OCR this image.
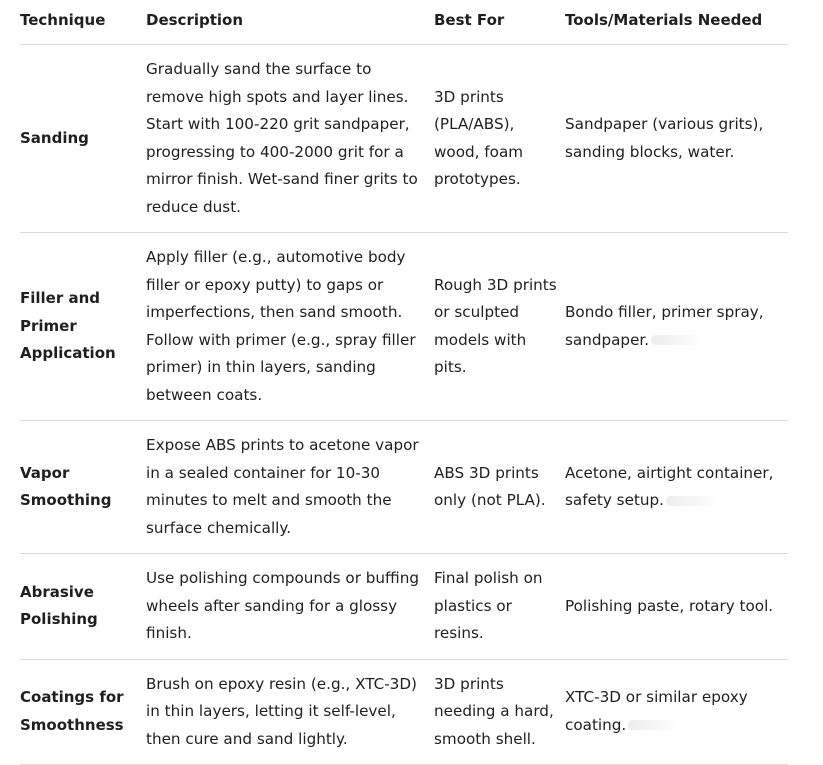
Technique	Description	Best For	Tools/Materials Needed

Sanding	Gradually sand the surface to remove high spots and layer lines. Start with 100-220 grit sandpaper, progressing to 400-2000 grit for a mirror finish. Wet-sand finer grits to reduce dust.	3D prints (PLA/ABS), wood, foam prototypes.	Sandpaper (various grits), sanding blocks, water.

Filler and Primer Application	Apply filler (e.g., automotive body filler or epoxy putty) to gaps or imperfections, then sand smooth. Follow with primer (e.g., spray filler primer) in thin layers, sanding between coats.	Rough 3D prints or sculpted models with pits.	Bondo filler, primer spray, sandpaper.

Vapor Smoothing	Expose ABS prints to acetone vapor in a sealed container for 10-30 minutes to melt and smooth the surface chemically.	ABS 3D prints only (not PLA).	Acetone, airtight container, safety setup.

Abrasive Polishing	Use polishing compounds or buffing wheels after sanding for a glossy finish.	Final polish on plastics or resins.	Polishing paste, rotary tool.

Coatings for Smoothness	Brush on epoxy resin (e.g., XTC-3D) in thin layers, letting it self-level, then cure and sand lightly.	3D prints needing a hard, smooth shell.	XTC-3D or similar epoxy coating.
